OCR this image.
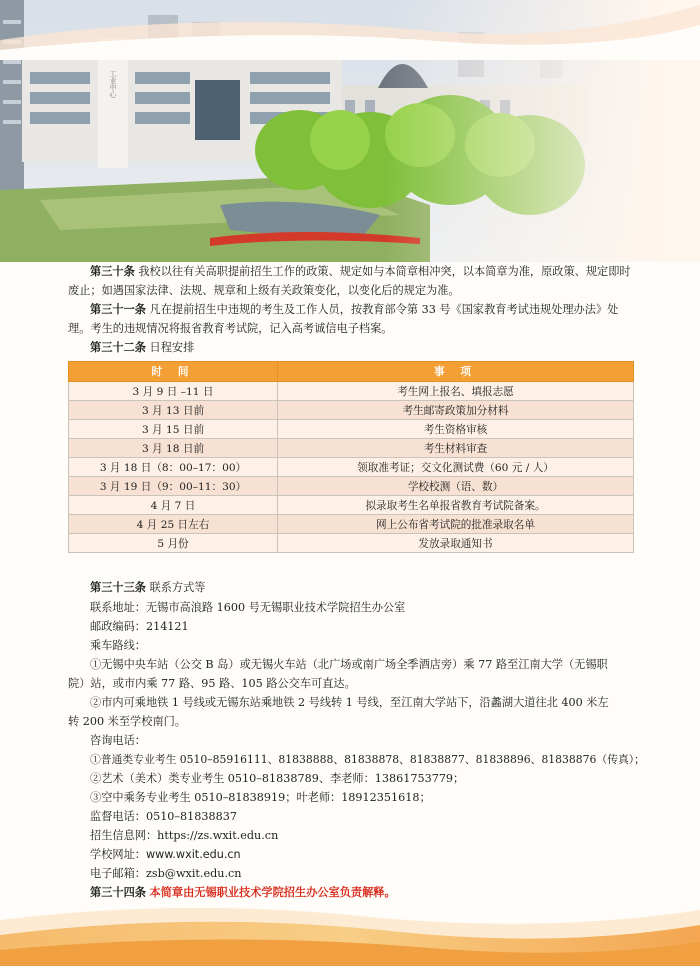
第三十条 我校以往有关高职提前招生工作的政策、规定如与本简章相冲突，以本简章为准，原政策、规定即时废止；如遇国家法律、法规、规章和上级有关政策变化，以变化后的规定为准。
第三十一条 凡在提前招生中违规的考生及工作人员，按教育部令第 33 号《国家教育考试违规处理办法》处理。考生的违规情况将报省教育考试院，记入高考诚信电子档案。
第三十二条 日程安排
时 间	事 项
3 月 9 日 –11 日	考生网上报名、填报志愿
3 月 13 日前	考生邮寄政策加分材料
3 月 15 日前	考生资格审核
3 月 18 日前	考生材料审查
3 月 18 日（8：00–17：00）	领取准考证；交文化测试费（60 元 / 人）
3 月 19 日（9：00–11：30）	学校校测（语、数）
4 月 7 日	拟录取考生名单报省教育考试院备案。
4 月 25 日左右	网上公布省考试院的批准录取名单
5 月份	发放录取通知书
第三十三条 联系方式等
联系地址：无锡市高浪路 1600 号无锡职业技术学院招生办公室
邮政编码：214121
乘车路线：
①无锡中央车站（公交 B 岛）或无锡火车站（北广场或南广场全季酒店旁）乘 77 路至江南大学（无锡职院）站，或市内乘 77 路、95 路、105 路公交车可直达。
②市内可乘地铁 1 号线或无锡东站乘地铁 2 号线转 1 号线，至江南大学站下，沿蠡湖大道往北 400 米左转 200 米至学校南门。
咨询电话：
①普通类专业考生 0510–85916111、81838888、81838878、81838877、81838896、81838876（传真）；
②艺术（美术）类专业考生 0510–81838789、李老师：13861753779；
③空中乘务专业考生 0510–81838919；叶老师：18912351618；
监督电话：0510–81838837
招生信息网：https://zs.wxit.edu.cn
学校网址：www.wxit.edu.cn
电子邮箱：zsb@wxit.edu.cn
第三十四条 本简章由无锡职业技术学院招生办公室负责解释。
